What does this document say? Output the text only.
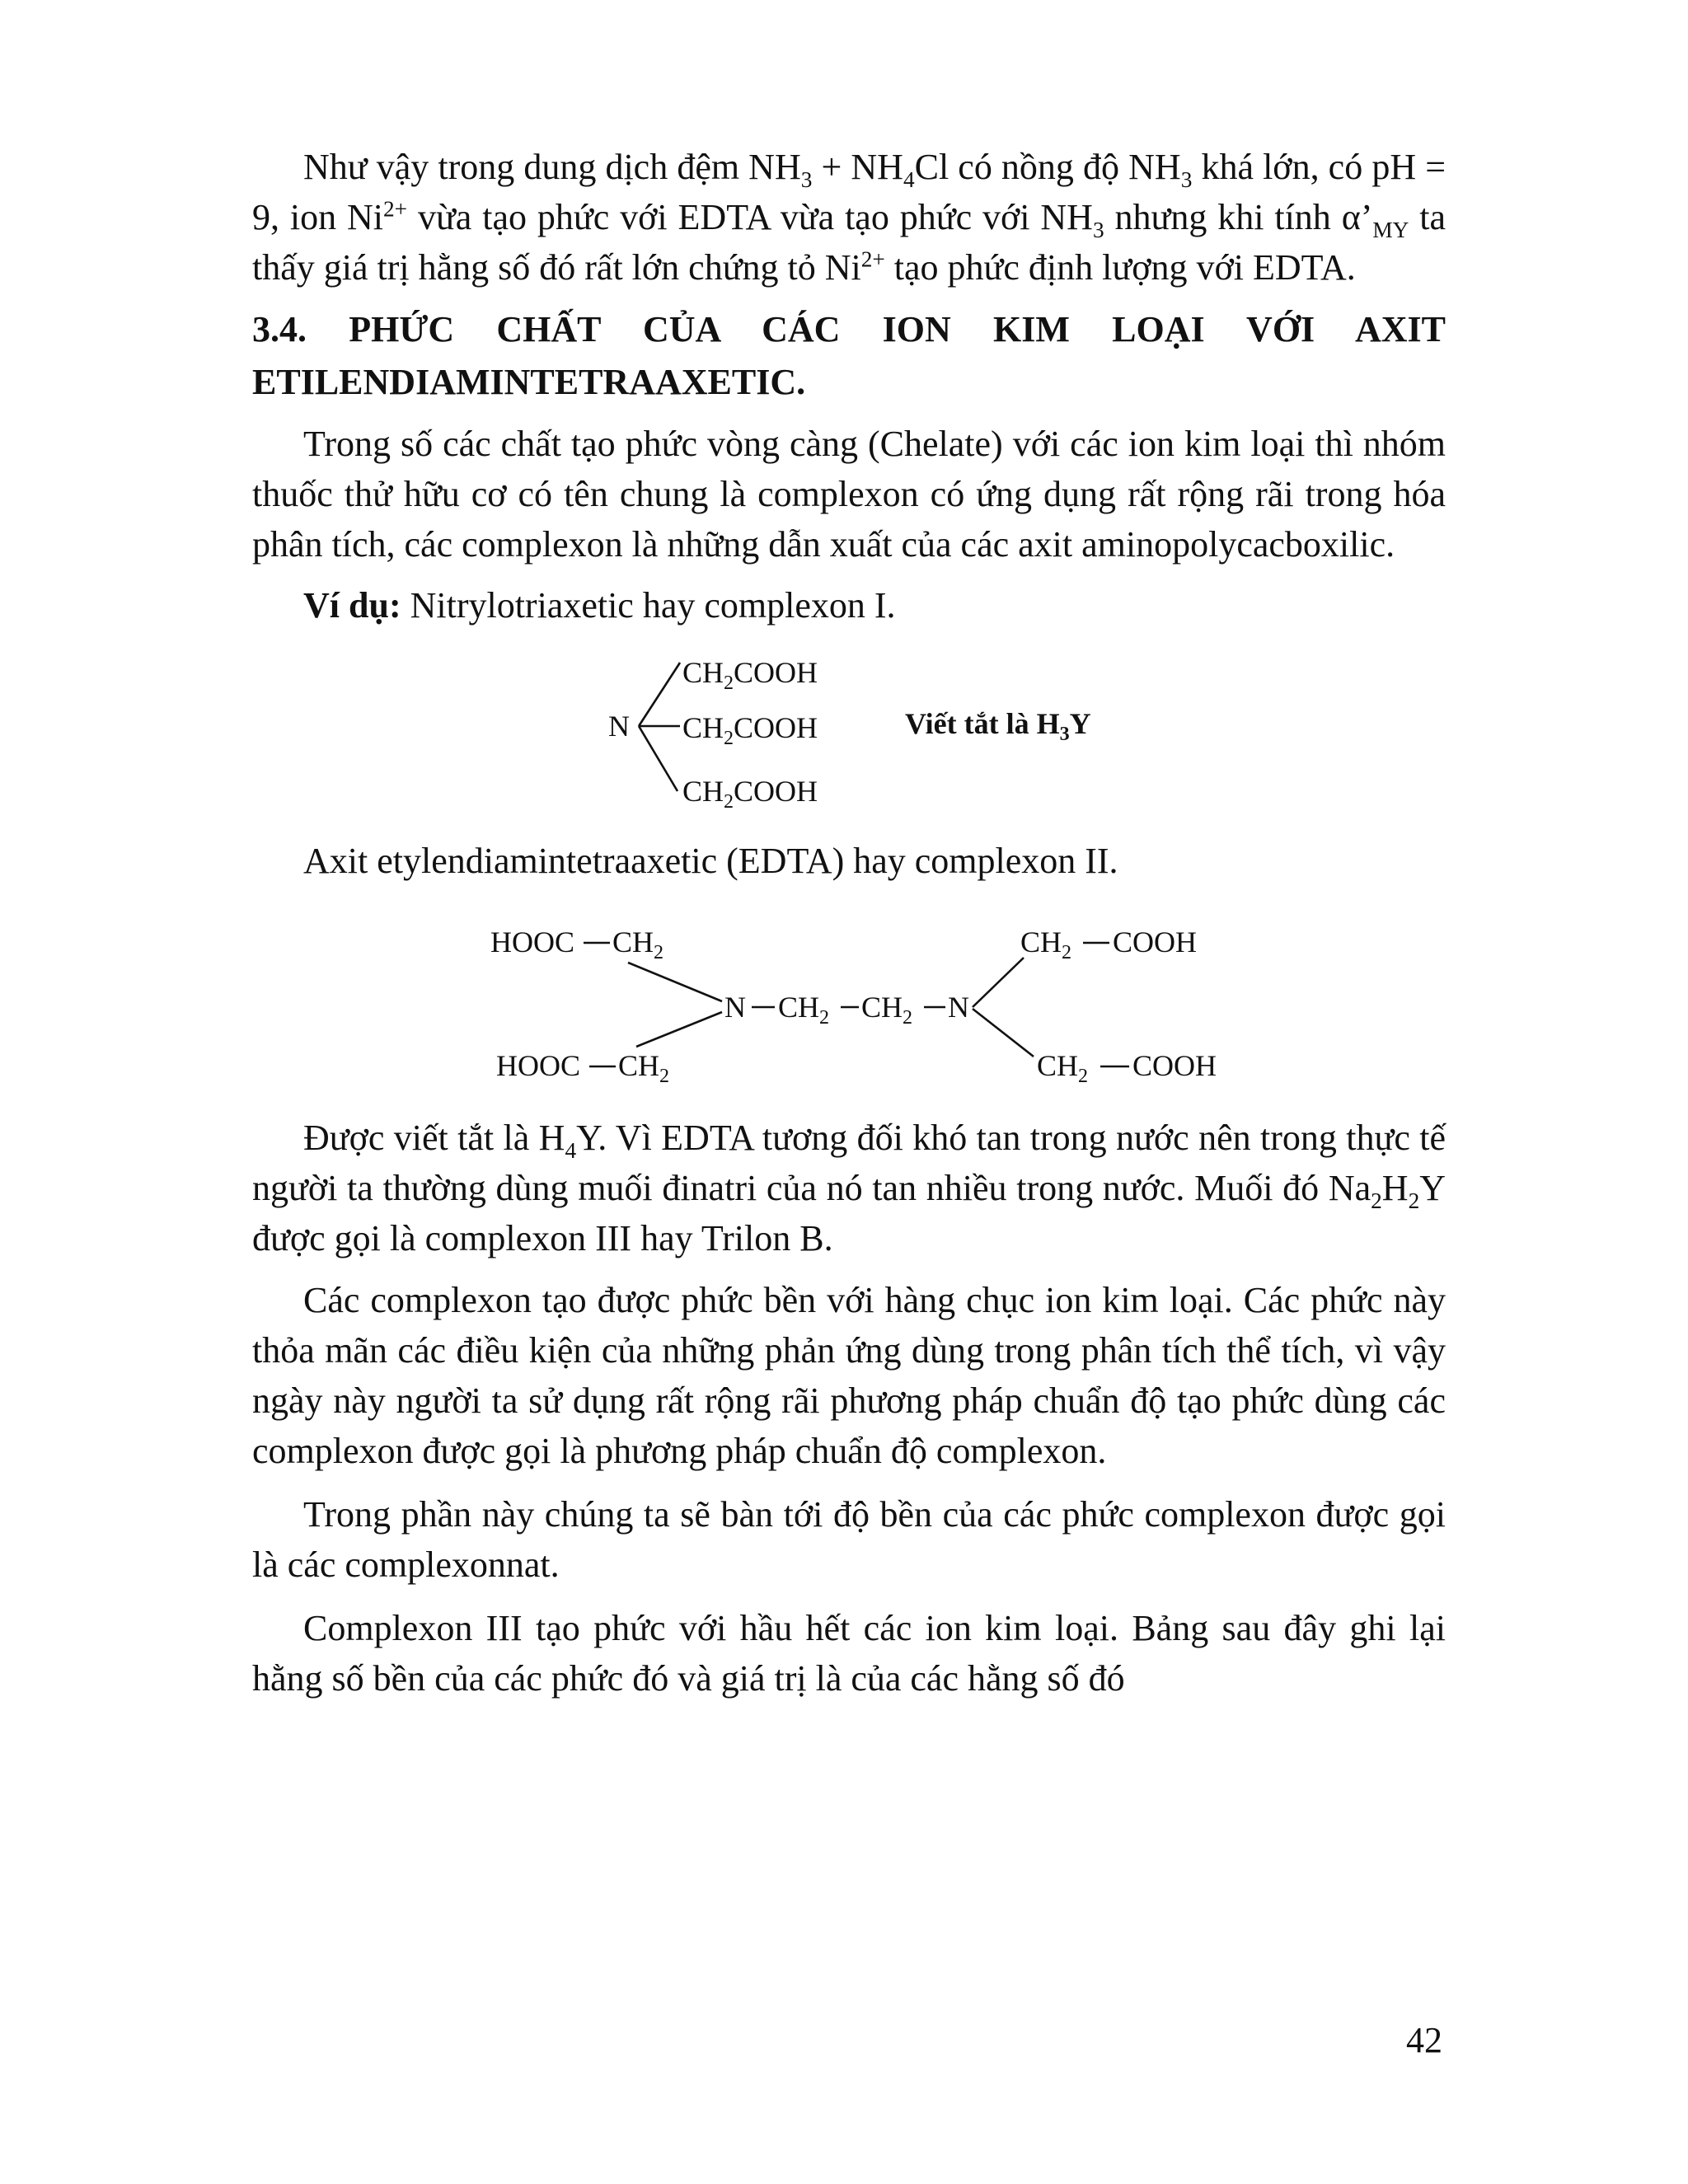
Như vậy trong dung dịch đệm $NH_3 + NH_4Cl$ có nồng độ $NH_3$ khá lớn, có pH = 9, ion $Ni^{2+}$ vừa tạo phức với EDTA vừa tạo phức với $NH_3$ nhưng khi tính $\alpha’_{MY}$ ta thấy giá trị hằng số đó rất lớn chứng tỏ $Ni^{2+}$ tạo phức định lượng với EDTA.

3.4. PHỨC CHẤT CỦA CÁC ION KIM LOẠI VỚI AXIT
ETILENDIAMINTETRAAXETIC.

Trong số các chất tạo phức vòng càng (Chelate) với các ion kim loại thì nhóm thuốc thử hữu cơ có tên chung là complexon có ứng dụng rất rộng rãi trong hóa phân tích, các complexon là những dẫn xuất của các axit aminopolycacboxilic.

Ví dụ: Nitrylotriaxetic hay complexon I.

N
$CH_2COOH$
$CH_2COOH$
$CH_2COOH$
Viết tắt là $H_3Y$

Axit etylendiamintetraaxetic (EDTA) hay complexon II.

HOOC $CH_2$
HOOC $CH_2$
N $CH_2$ $CH_2$ N
$CH_2$ COOH
$CH_2$ COOH

Được viết tắt là $H_4Y$. Vì EDTA tương đối khó tan trong nước nên trong thực tế người ta thường dùng muối đinatri của nó tan nhiều trong nước. Muối đó $Na_2H_2Y$ được gọi là complexon III hay Trilon B.

Các complexon tạo được phức bền với hàng chục ion kim loại. Các phức này thỏa mãn các điều kiện của những phản ứng dùng trong phân tích thể tích, vì vậy ngày này người ta sử dụng rất rộng rãi phương pháp chuẩn độ tạo phức dùng các complexon được gọi là phương pháp chuẩn độ complexon.

Trong phần này chúng ta sẽ bàn tới độ bền của các phức complexon được gọi là các complexonnat.

Complexon III tạo phức với hầu hết các ion kim loại. Bảng sau đây ghi lại hằng số bền của các phức đó và giá trị là của các hằng số đó

42
